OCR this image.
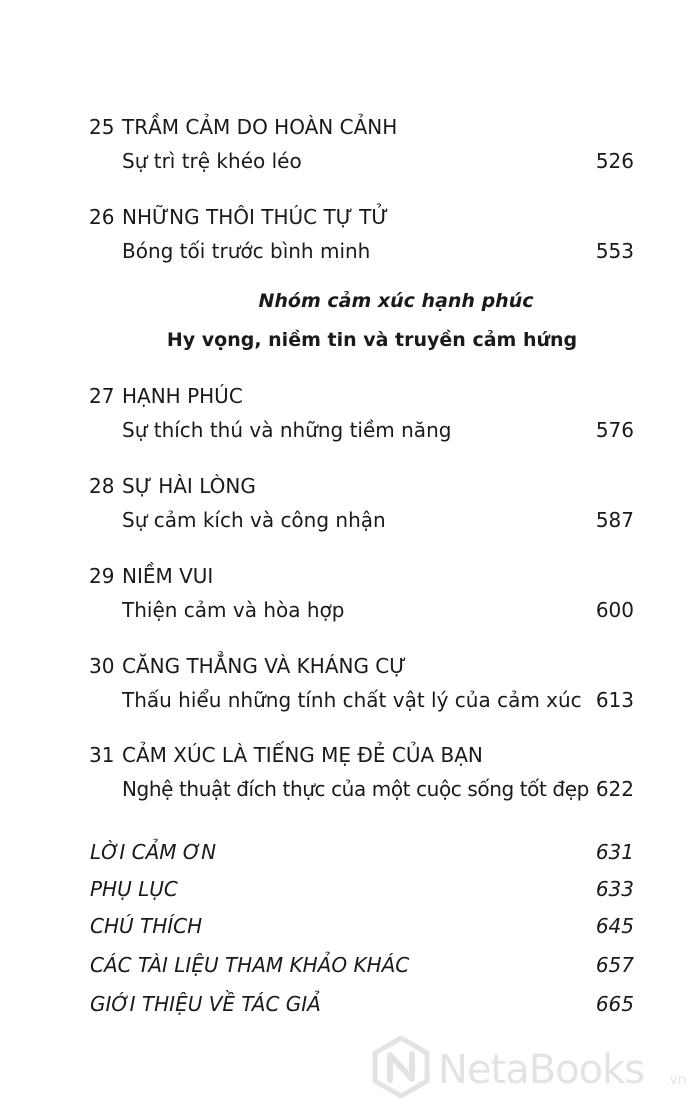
25 TRẦM CẢM DO HOÀN CẢNH
Sự trì trệ khéo léo	526
26 NHỮNG THÔI THÚC TỰ TỬ
Bóng tối trước bình minh	553
Nhóm cảm xúc hạnh phúc
Hy vọng, niềm tin và truyền cảm hứng
27 HẠNH PHÚC
Sự thích thú và những tiềm năng	576
28 SỰ HÀI LÒNG
Sự cảm kích và công nhận	587
29 NIỀM VUI
Thiện cảm và hòa hợp	600
30 CĂNG THẲNG VÀ KHÁNG CỰ
Thấu hiểu những tính chất vật lý của cảm xúc 613
31 CẢM XÚC LÀ TIẾNG MẸ ĐẺ CỦA BẠN
Nghệ thuật đích thực của một cuộc sống tốt đẹp 622
LỜI CẢM ƠN	631
PHỤ LỤC	633
CHÚ THÍCH	645
CÁC TÀI LIỆU THAM KHẢO KHÁC	657
GIỚI THIỆU VỀ TÁC GIẢ	665
NetaBooks .vn
